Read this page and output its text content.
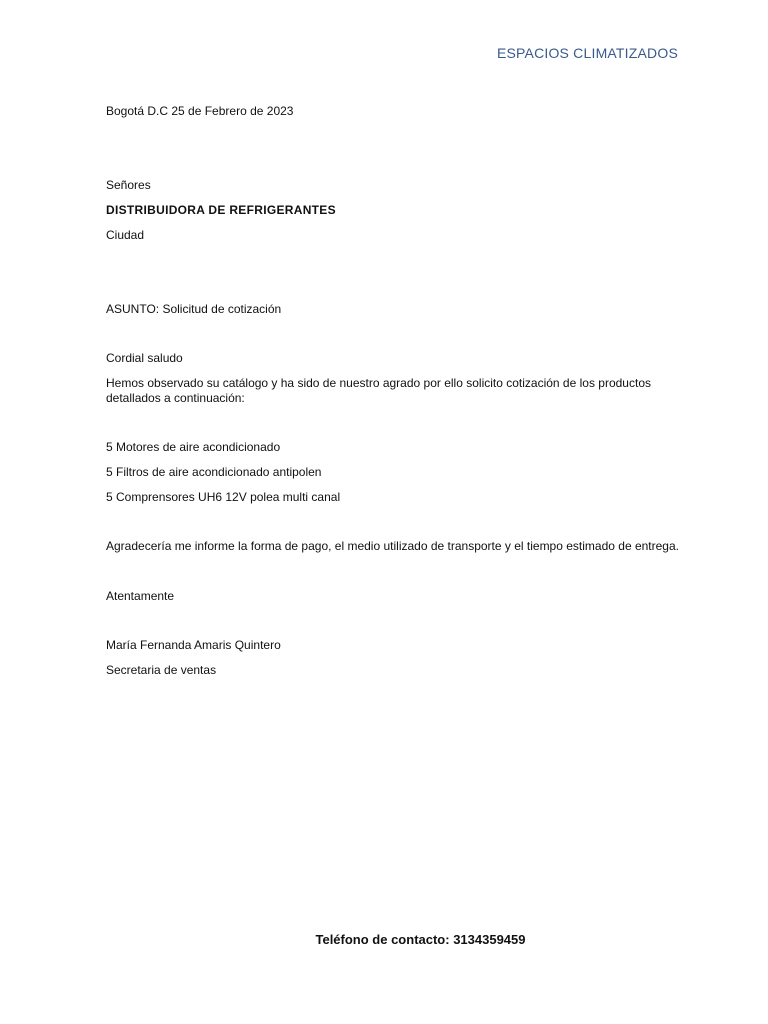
ESPACIOS CLIMATIZADOS
Bogotá D.C 25 de Febrero de 2023
Señores
DISTRIBUIDORA DE REFRIGERANTES
Ciudad
ASUNTO: Solicitud de cotización
Cordial saludo
Hemos observado su catálogo y ha sido de nuestro agrado por ello solicito cotización de los productos detallados a continuación:
5 Motores de aire acondicionado
5 Filtros de aire acondicionado antipolen
5 Comprensores UH6 12V polea multi canal
Agradecería me informe la forma de pago, el medio utilizado de transporte y el tiempo estimado de entrega.
Atentamente
María Fernanda Amaris Quintero
Secretaria de ventas
Teléfono de contacto: 3134359459
